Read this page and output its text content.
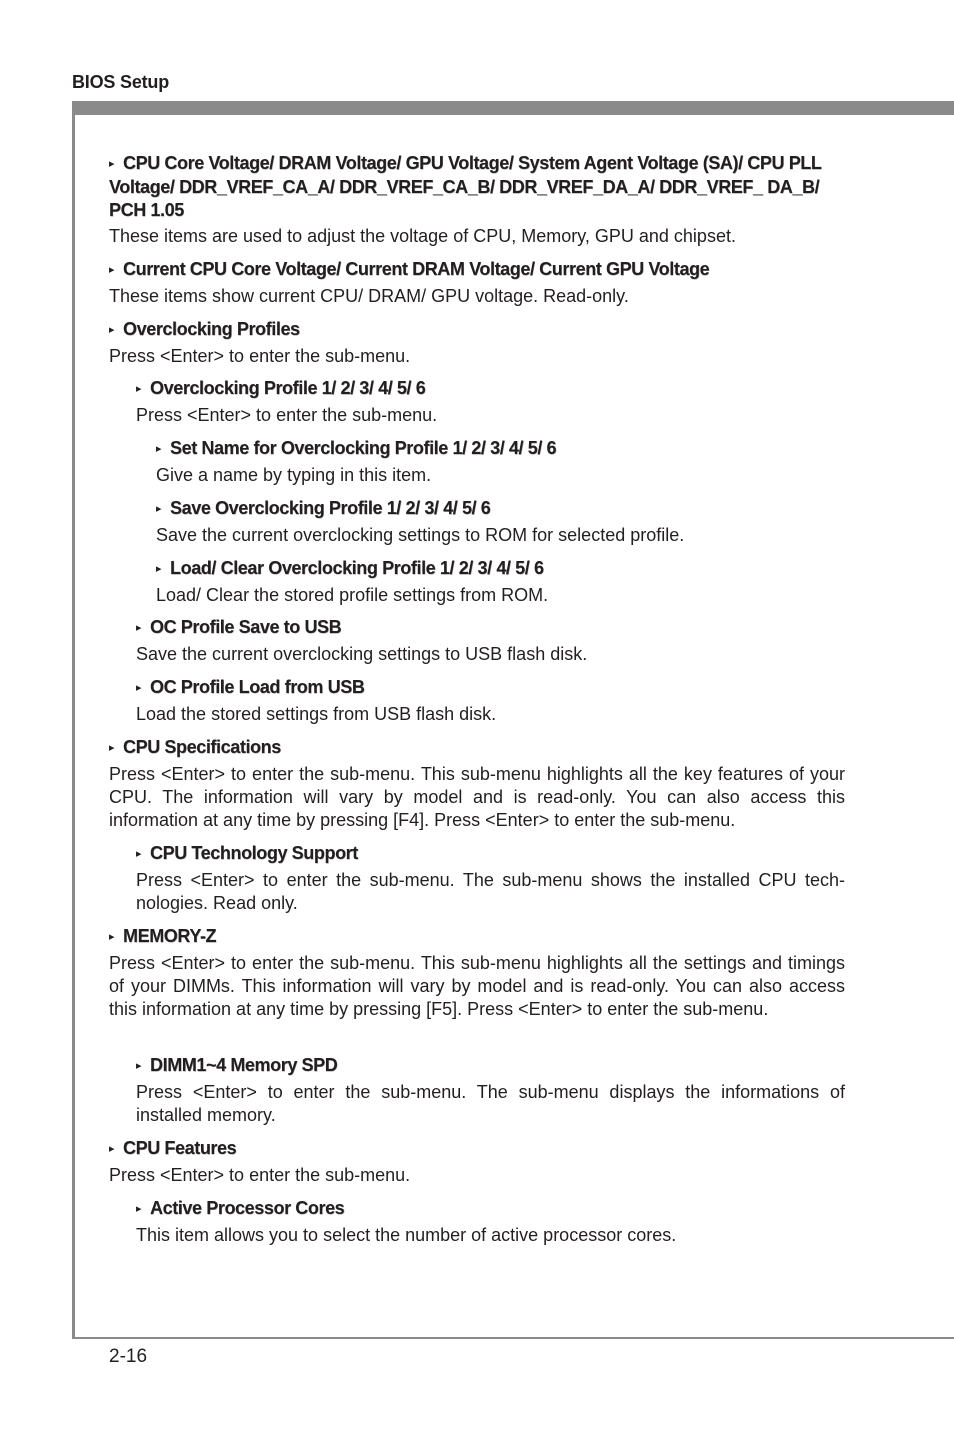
BIOS Setup
▸ CPU Core Voltage/ DRAM Voltage/ GPU Voltage/ System Agent Voltage (SA)/ CPU PLL Voltage/ DDR_VREF_CA_A/ DDR_VREF_CA_B/ DDR_VREF_DA_A/ DDR_VREF_ DA_B/ PCH 1.05
These items are used to adjust the voltage of CPU, Memory, GPU and chipset.
▸ Current CPU Core Voltage/ Current DRAM Voltage/ Current GPU Voltage
These items show current CPU/ DRAM/ GPU voltage. Read-only.
▸ Overclocking Profiles
Press <Enter> to enter the sub-menu.
▸ Overclocking Profile 1/ 2/ 3/ 4/ 5/ 6
Press <Enter> to enter the sub-menu.
▸ Set Name for Overclocking Profile 1/ 2/ 3/ 4/ 5/ 6
Give a name by typing in this item.
▸ Save Overclocking Profile 1/ 2/ 3/ 4/ 5/ 6
Save the current overclocking settings to ROM for selected profile.
▸ Load/ Clear Overclocking Profile 1/ 2/ 3/ 4/ 5/ 6
Load/ Clear the stored profile settings from ROM.
▸ OC Profile Save to USB
Save the current overclocking settings to USB flash disk.
▸ OC Profile Load from USB
Load the stored settings from USB flash disk.
▸ CPU Specifications
Press <Enter> to enter the sub-menu. This sub-menu highlights all the key features of your CPU. The information will vary by model and is read-only. You can also access this information at any time by pressing [F4]. Press <Enter> to enter the sub-menu.
▸ CPU Technology Support
Press <Enter> to enter the sub-menu. The sub-menu shows the installed CPU tech-nologies. Read only.
▸ MEMORY-Z
Press <Enter> to enter the sub-menu. This sub-menu highlights all the settings and timings of your DIMMs. This information will vary by model and is read-only. You can also access this information at any time by pressing [F5]. Press <Enter> to enter the sub-menu.
▸ DIMM1~4 Memory SPD
Press <Enter> to enter the sub-menu. The sub-menu displays the informations of installed memory.
▸ CPU Features
Press <Enter> to enter the sub-menu.
▸ Active Processor Cores
This item allows you to select the number of active processor cores.
2-16
